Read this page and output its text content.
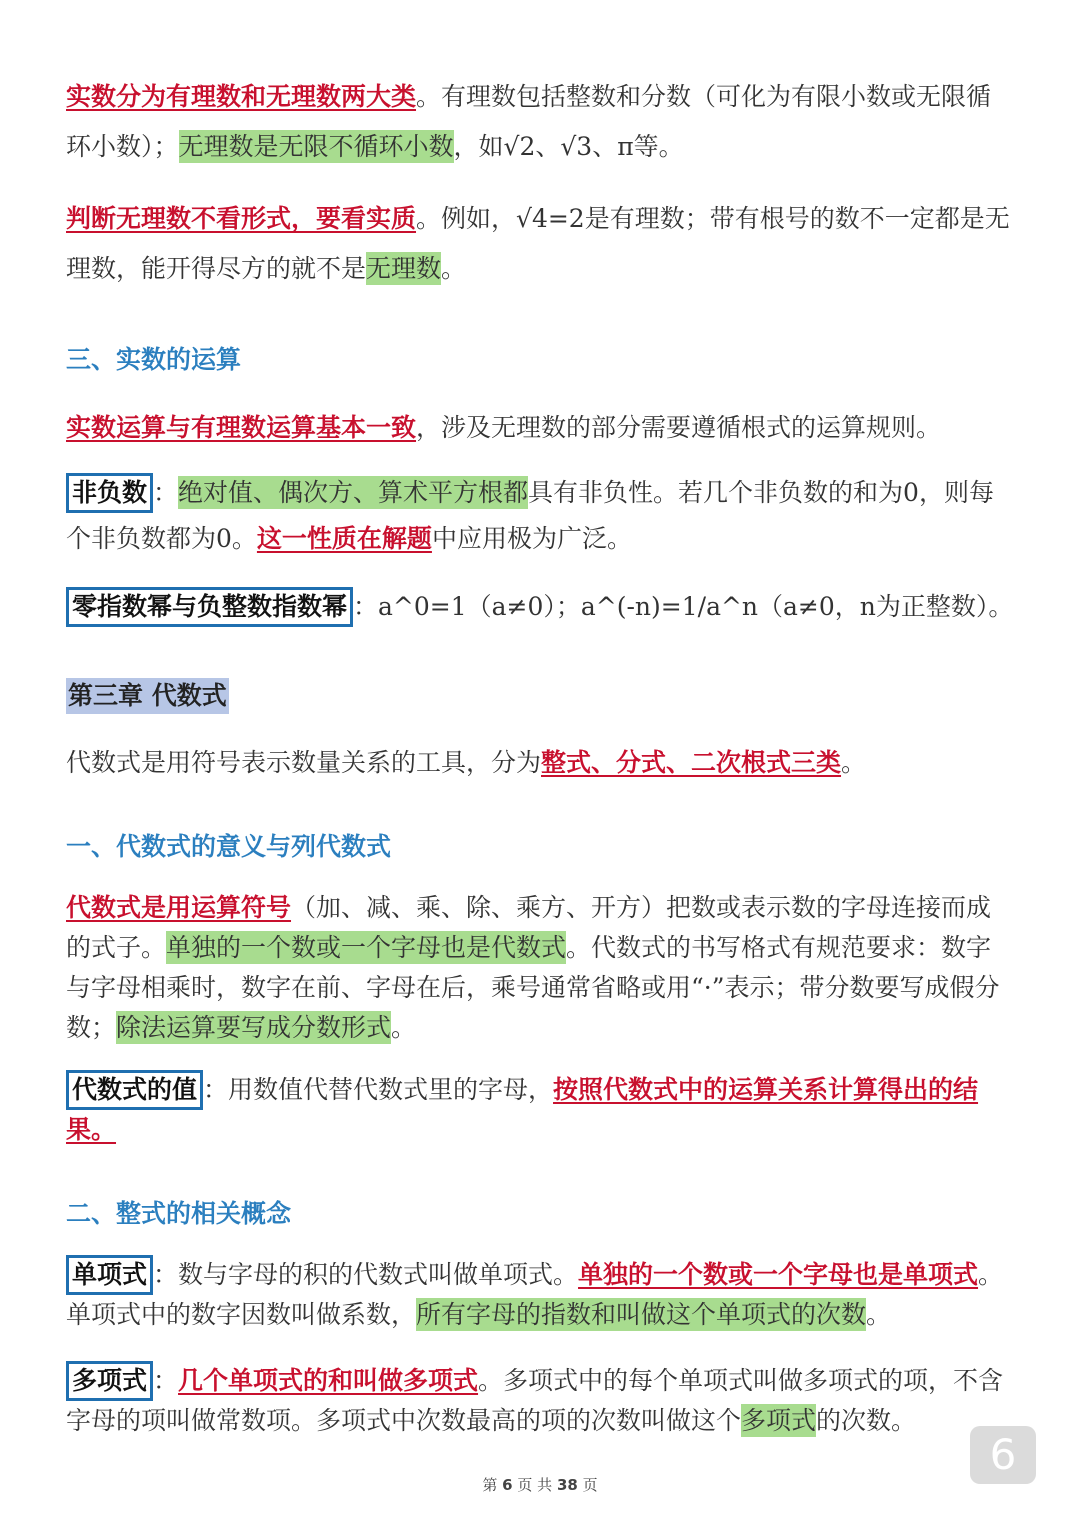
实数分为有理数和无理数两大类。有理数包括整数和分数（可化为有限小数或无限循环小数）；无理数是无限不循环小数，如√2、√3、π等。

判断无理数不看形式，要看实质。例如，√4=2是有理数；带有根号的数不一定都是无理数，能开得尽方的就不是无理数。

三、实数的运算

实数运算与有理数运算基本一致，涉及无理数的部分需要遵循根式的运算规则。

非负数 ：绝对值、偶次方、算术平方根都具有非负性。若几个非负数的和为0，则每个非负数都为0。这一性质在解题中应用极为广泛。

零指数幂与负整数指数幂 ：a^0=1（a≠0）；a^(-n)=1/a^n（a≠0，n为正整数）。

第三章 代数式

代数式是用符号表示数量关系的工具，分为整式、分式、二次根式三类。

一、代数式的意义与列代数式

代数式是用运算符号（加、减、乘、除、乘方、开方）把数或表示数的字母连接而成的式子。单独的一个数或一个字母也是代数式。代数式的书写格式有规范要求：数字与字母相乘时，数字在前、字母在后，乘号通常省略或用“·”表示；带分数要写成假分数；除法运算要写成分数形式。

代数式的值 ：用数值代替代数式里的字母，按照代数式中的运算关系计算得出的结果。

二、整式的相关概念

单项式 ：数与字母的积的代数式叫做单项式。单独的一个数或一个字母也是单项式。单项式中的数字因数叫做系数，所有字母的指数和叫做这个单项式的次数。

多项式 ：几个单项式的和叫做多项式。多项式中的每个单项式叫做多项式的项，不含字母的项叫做常数项。多项式中次数最高的项的次数叫做这个多项式的次数。

第 6 页 共 38 页
6
